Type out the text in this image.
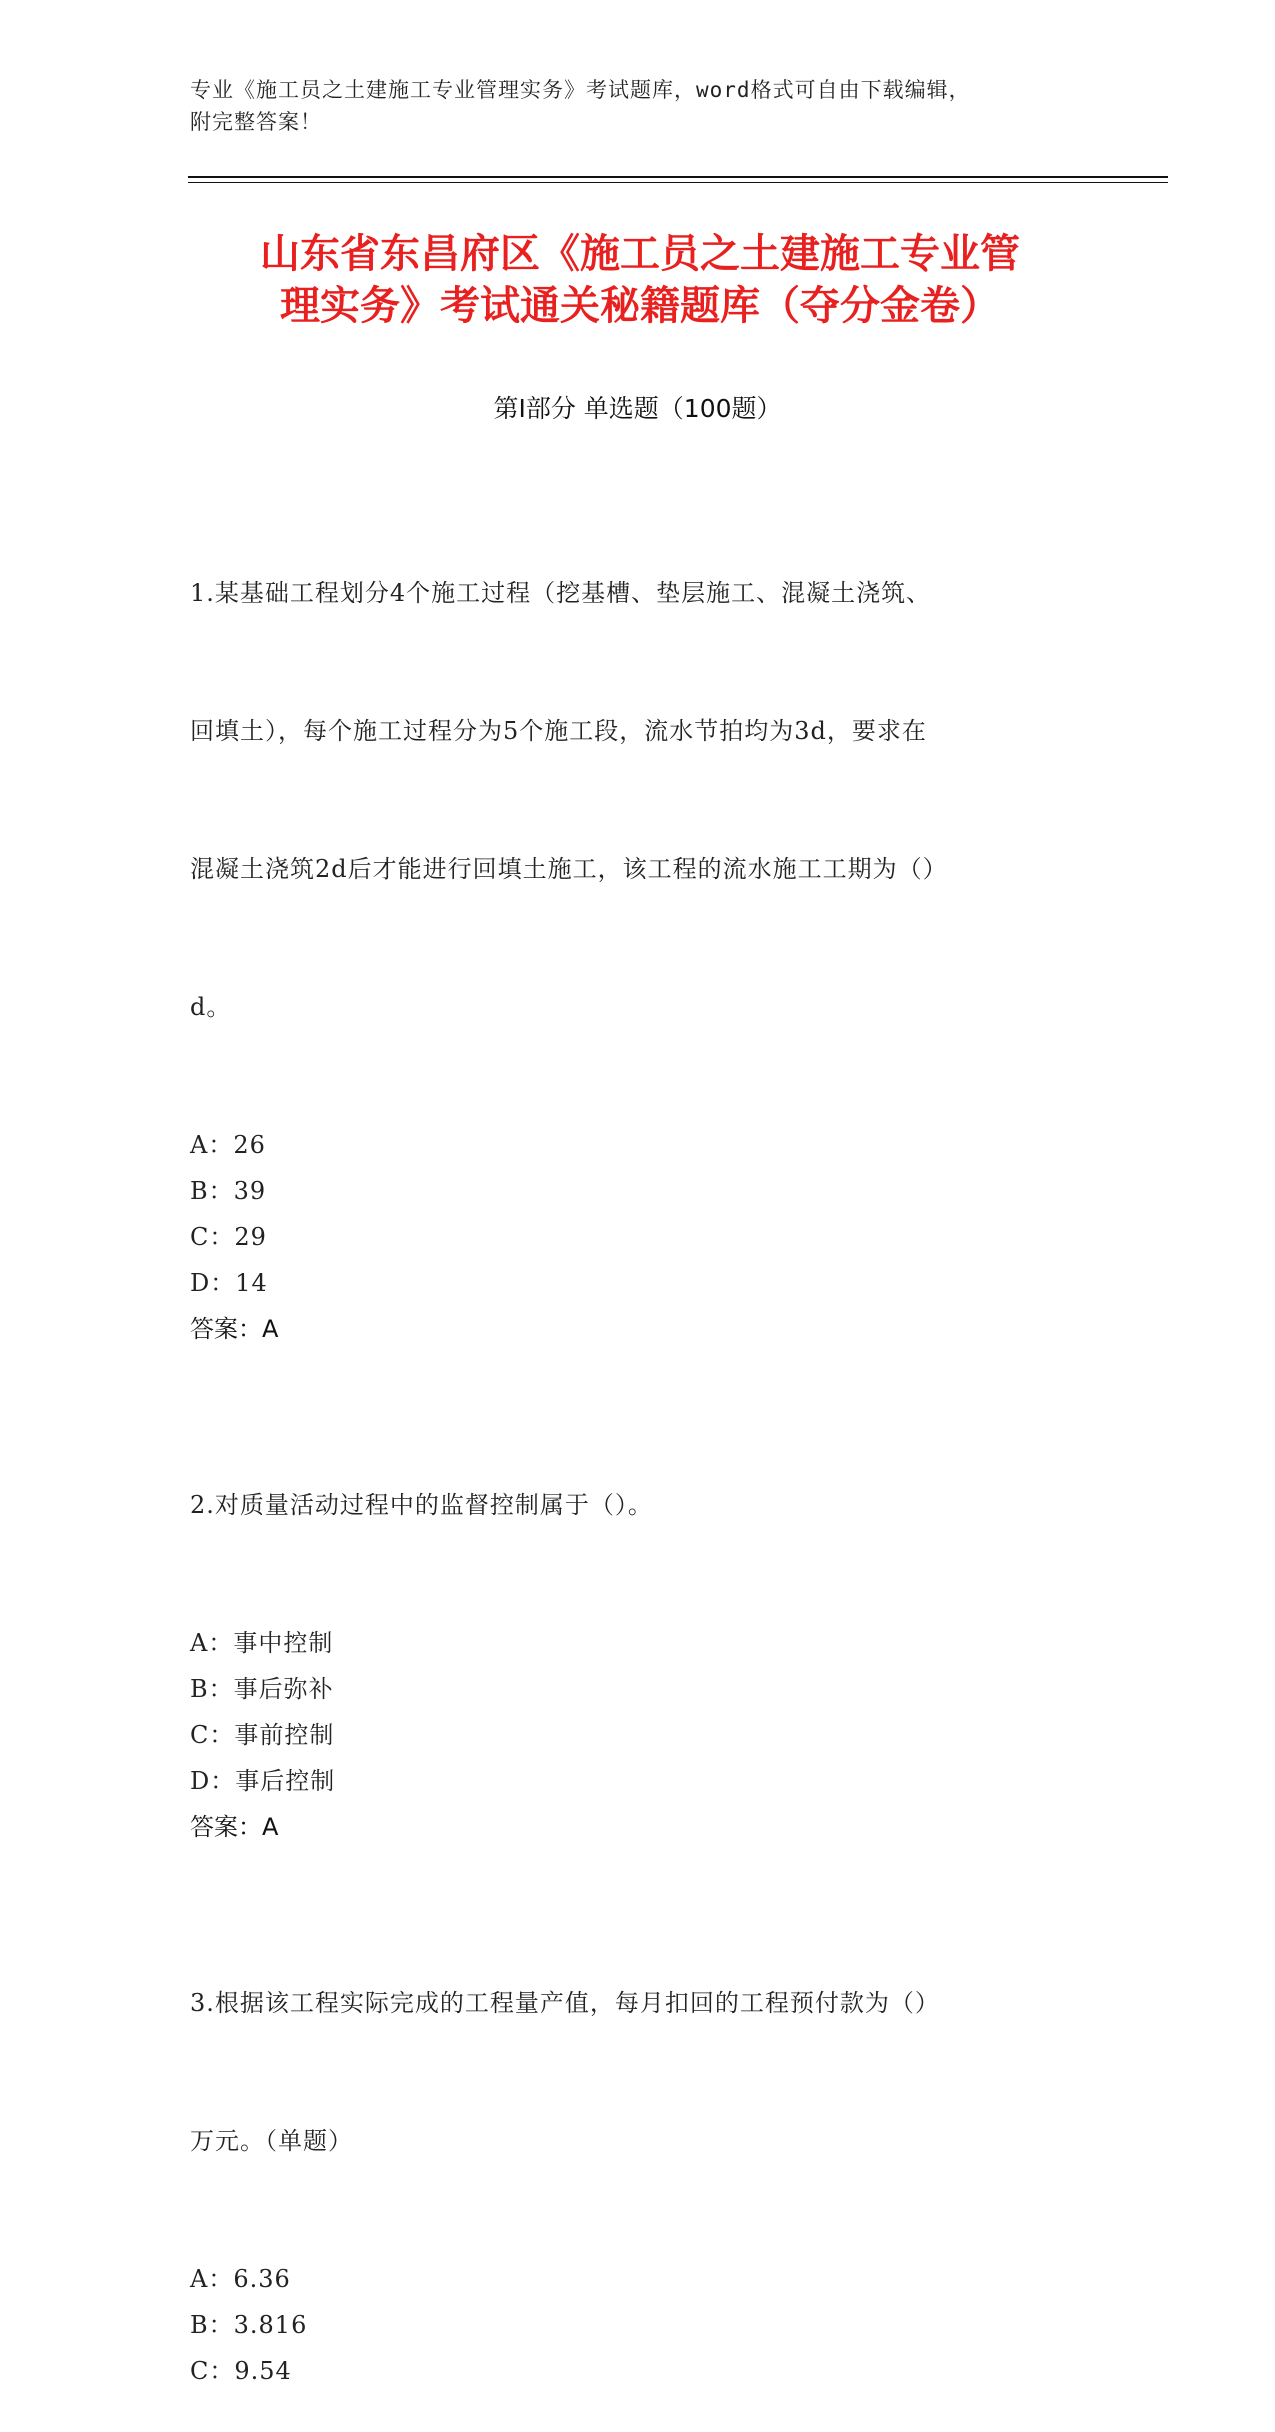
专业《施工员之土建施工专业管理实务》考试题库，word格式可自由下载编辑，
附完整答案！
山东省东昌府区《施工员之土建施工专业管
理实务》考试通关秘籍题库（夺分金卷）
第Ⅰ部分 单选题（100题）

1.某基础工程划分4个施工过程（挖基槽、垫层施工、混凝土浇筑、

回填土），每个施工过程分为5个施工段，流水节拍均为3d，要求在

混凝土浇筑2d后才能进行回填土施工，该工程的流水施工工期为（）

d。

A：26
B：39
C：29
D：14
答案：A

2.对质量活动过程中的监督控制属于（）。

A：事中控制
B：事后弥补
C：事前控制
D：事后控制
答案：A

3.根据该工程实际完成的工程量产值，每月扣回的工程预付款为（）

万元。（单题）

A：6.36
B：3.816
C：9.54
